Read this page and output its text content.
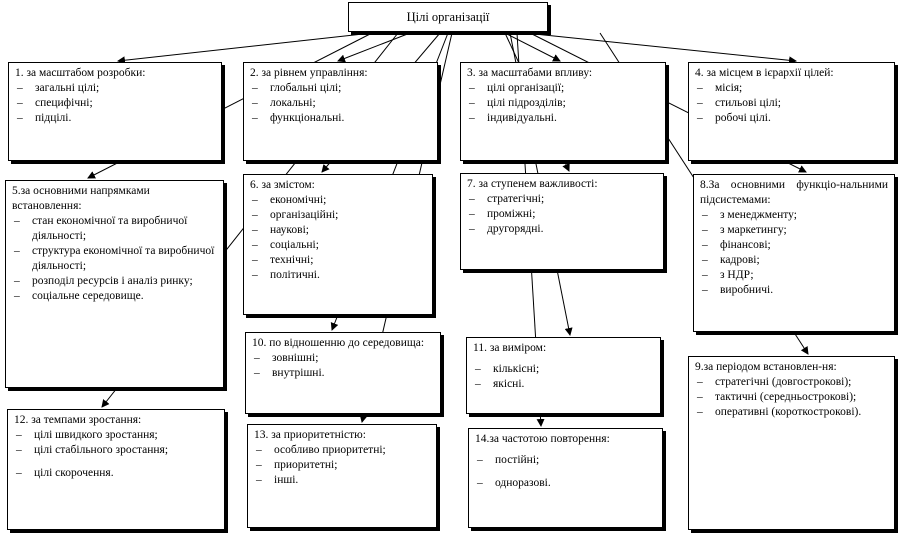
Цілі організації
1. за масштабом розробки:
– загальні цілі;
– специфічні;
– підцілі.
2. за рівнем управління:
– глобальні цілі;
– локальні;
– функціональні.
3. за масштабами впливу:
– цілі організації;
– цілі підрозділів;
– індивідуальні.
4. за місцем в ієрархії цілей:
– місія;
– стильові цілі;
– робочі цілі.
5.за основними напрямками встановлення:
– стан економічної та виробничої діяльності;
– структура економічної та виробничої діяльності;
– розподіл ресурсів і аналіз ринку;
– соціальне середовище.
6. за змістом:
– економічні;
– організаційні;
– наукові;
– соціальні;
– технічні;
– політичні.
7. за ступенем важливості:
– стратегічні;
– проміжні;
– другорядні.
8.За основними функціо-нальними підсистемами:
– з менеджменту;
– з маркетингу;
– фінансові;
– кадрові;
– з НДР;
– виробничі.
9.за періодом встановлен-ня:
– стратегічні (довгострокові);
– тактичні (середньострокові);
– оперативні (короткострокові).
10. по відношенню до середовища:
– зовнішні;
– внутрішні.
11. за виміром:
– кількісні;
– якісні.
12. за темпами зростання:
– цілі швидкого зростання;
– цілі стабільного зростання;
– цілі скорочення.
13. за приоритетністю:
– особливо приоритетні;
– приоритетні;
– інші.
14.за частотою повторення:
– постійні;
– одноразові.
